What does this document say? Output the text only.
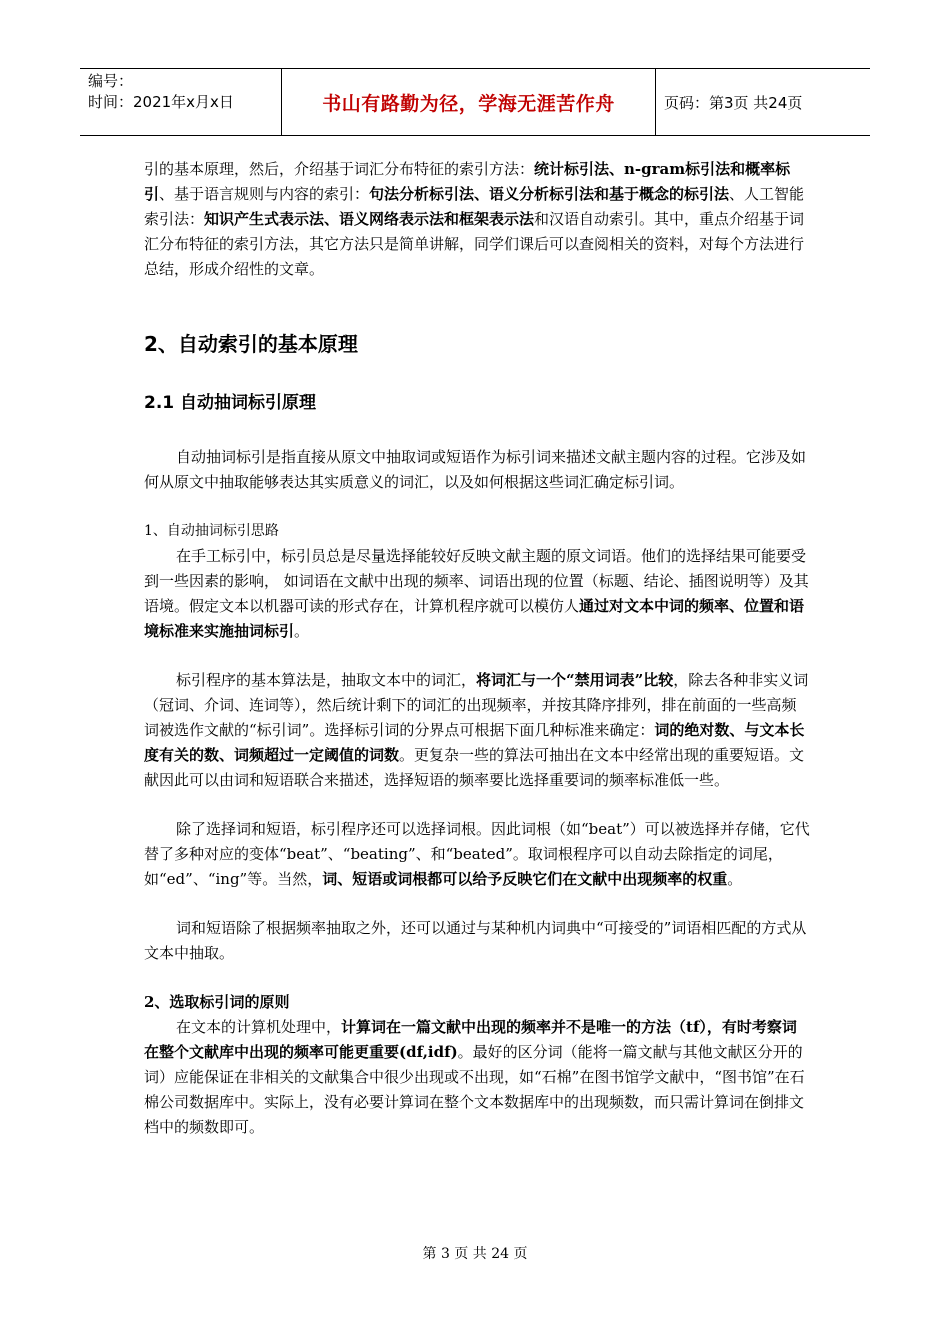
编号：
时间：2021年x月x日	书山有路勤为径，学海无涯苦作舟	页码：第3页 共24页

引的基本原理，然后，介绍基于词汇分布特征的索引方法：统计标引法、n-gram标引法和概率标引、基于语言规则与内容的索引：句法分析标引法、语义分析标引法和基于概念的标引法、人工智能索引法：知识产生式表示法、语义网络表示法和框架表示法和汉语自动索引。其中，重点介绍基于词汇分布特征的索引方法，其它方法只是简单讲解，同学们课后可以查阅相关的资料，对每个方法进行总结，形成介绍性的文章。

2、自动索引的基本原理
2.1 自动抽词标引原理

自动抽词标引是指直接从原文中抽取词或短语作为标引词来描述文献主题内容的过程。它涉及如何从原文中抽取能够表达其实质意义的词汇，以及如何根据这些词汇确定标引词。

1、自动抽词标引思路

在手工标引中，标引员总是尽量选择能较好反映文献主题的原文词语。他们的选择结果可能要受到一些因素的影响， 如词语在文献中出现的频率、词语出现的位置（标题、结论、插图说明等）及其语境。假定文本以机器可读的形式存在，计算机程序就可以模仿人通过对文本中词的频率、位置和语境标准来实施抽词标引。

标引程序的基本算法是，抽取文本中的词汇，将词汇与一个“禁用词表”比较，除去各种非实义词（冠词、介词、连词等），然后统计剩下的词汇的出现频率，并按其降序排列，排在前面的一些高频词被选作文献的“标引词”。选择标引词的分界点可根据下面几种标准来确定：词的绝对数、与文本长度有关的数、词频超过一定阈值的词数。更复杂一些的算法可抽出在文本中经常出现的重要短语。文献因此可以由词和短语联合来描述，选择短语的频率要比选择重要词的频率标准低一些。

除了选择词和短语，标引程序还可以选择词根。因此词根（如“beat”）可以被选择并存储，它代替了多种对应的变体“beat”、“beating”、和“beated”。取词根程序可以自动去除指定的词尾，如“ed”、“ing”等。当然，词、短语或词根都可以给予反映它们在文献中出现频率的权重。

词和短语除了根据频率抽取之外，还可以通过与某种机内词典中“可接受的”词语相匹配的方式从文本中抽取。

2、选取标引词的原则

在文本的计算机处理中，计算词在一篇文献中出现的频率并不是唯一的方法（tf），有时考察词在整个文献库中出现的频率可能更重要(df,idf)。最好的区分词（能将一篇文献与其他文献区分开的词）应能保证在非相关的文献集合中很少出现或不出现，如“石棉”在图书馆学文献中，“图书馆”在石棉公司数据库中。实际上，没有必要计算词在整个文本数据库中的出现频数，而只需计算词在倒排文档中的频数即可。

第 3 页 共 24 页
